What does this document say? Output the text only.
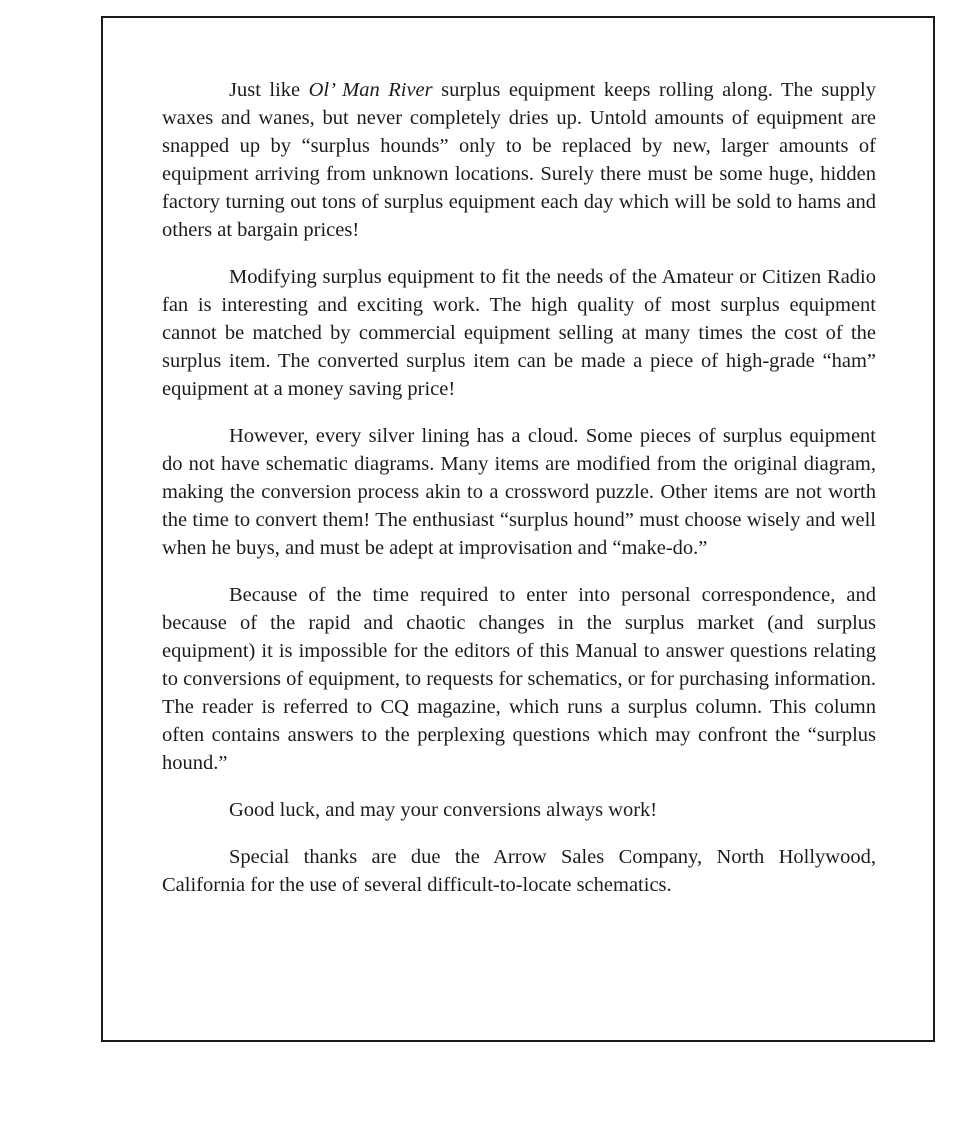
Just like Ol’ Man River surplus equipment keeps rolling along. The supply waxes and wanes, but never completely dries up. Untold amounts of equipment are snapped up by “surplus hounds” only to be replaced by new, larger amounts of equipment arriving from unknown locations. Surely there must be some huge, hidden factory turning out tons of surplus equipment each day which will be sold to hams and others at bargain prices!

Modifying surplus equipment to fit the needs of the Amateur or Citizen Radio fan is interesting and exciting work. The high quality of most surplus equipment cannot be matched by commercial equipment selling at many times the cost of the surplus item. The converted surplus item can be made a piece of high-grade “ham” equipment at a money saving price!

However, every silver lining has a cloud. Some pieces of surplus equipment do not have schematic diagrams. Many items are modified from the original diagram, making the conversion process akin to a crossword puzzle. Other items are not worth the time to convert them! The enthusiast “surplus hound” must choose wisely and well when he buys, and must be adept at improvisation and “make-do.”

Because of the time required to enter into personal correspondence, and because of the rapid and chaotic changes in the surplus market (and surplus equipment) it is impossible for the editors of this Manual to answer questions relating to conversions of equipment, to requests for schematics, or for purchasing information. The reader is referred to CQ magazine, which runs a surplus column. This column often contains answers to the perplexing questions which may confront the “surplus hound.”

Good luck, and may your conversions always work!

Special thanks are due the Arrow Sales Company, North Hollywood, California for the use of several difficult-to-locate schematics.
